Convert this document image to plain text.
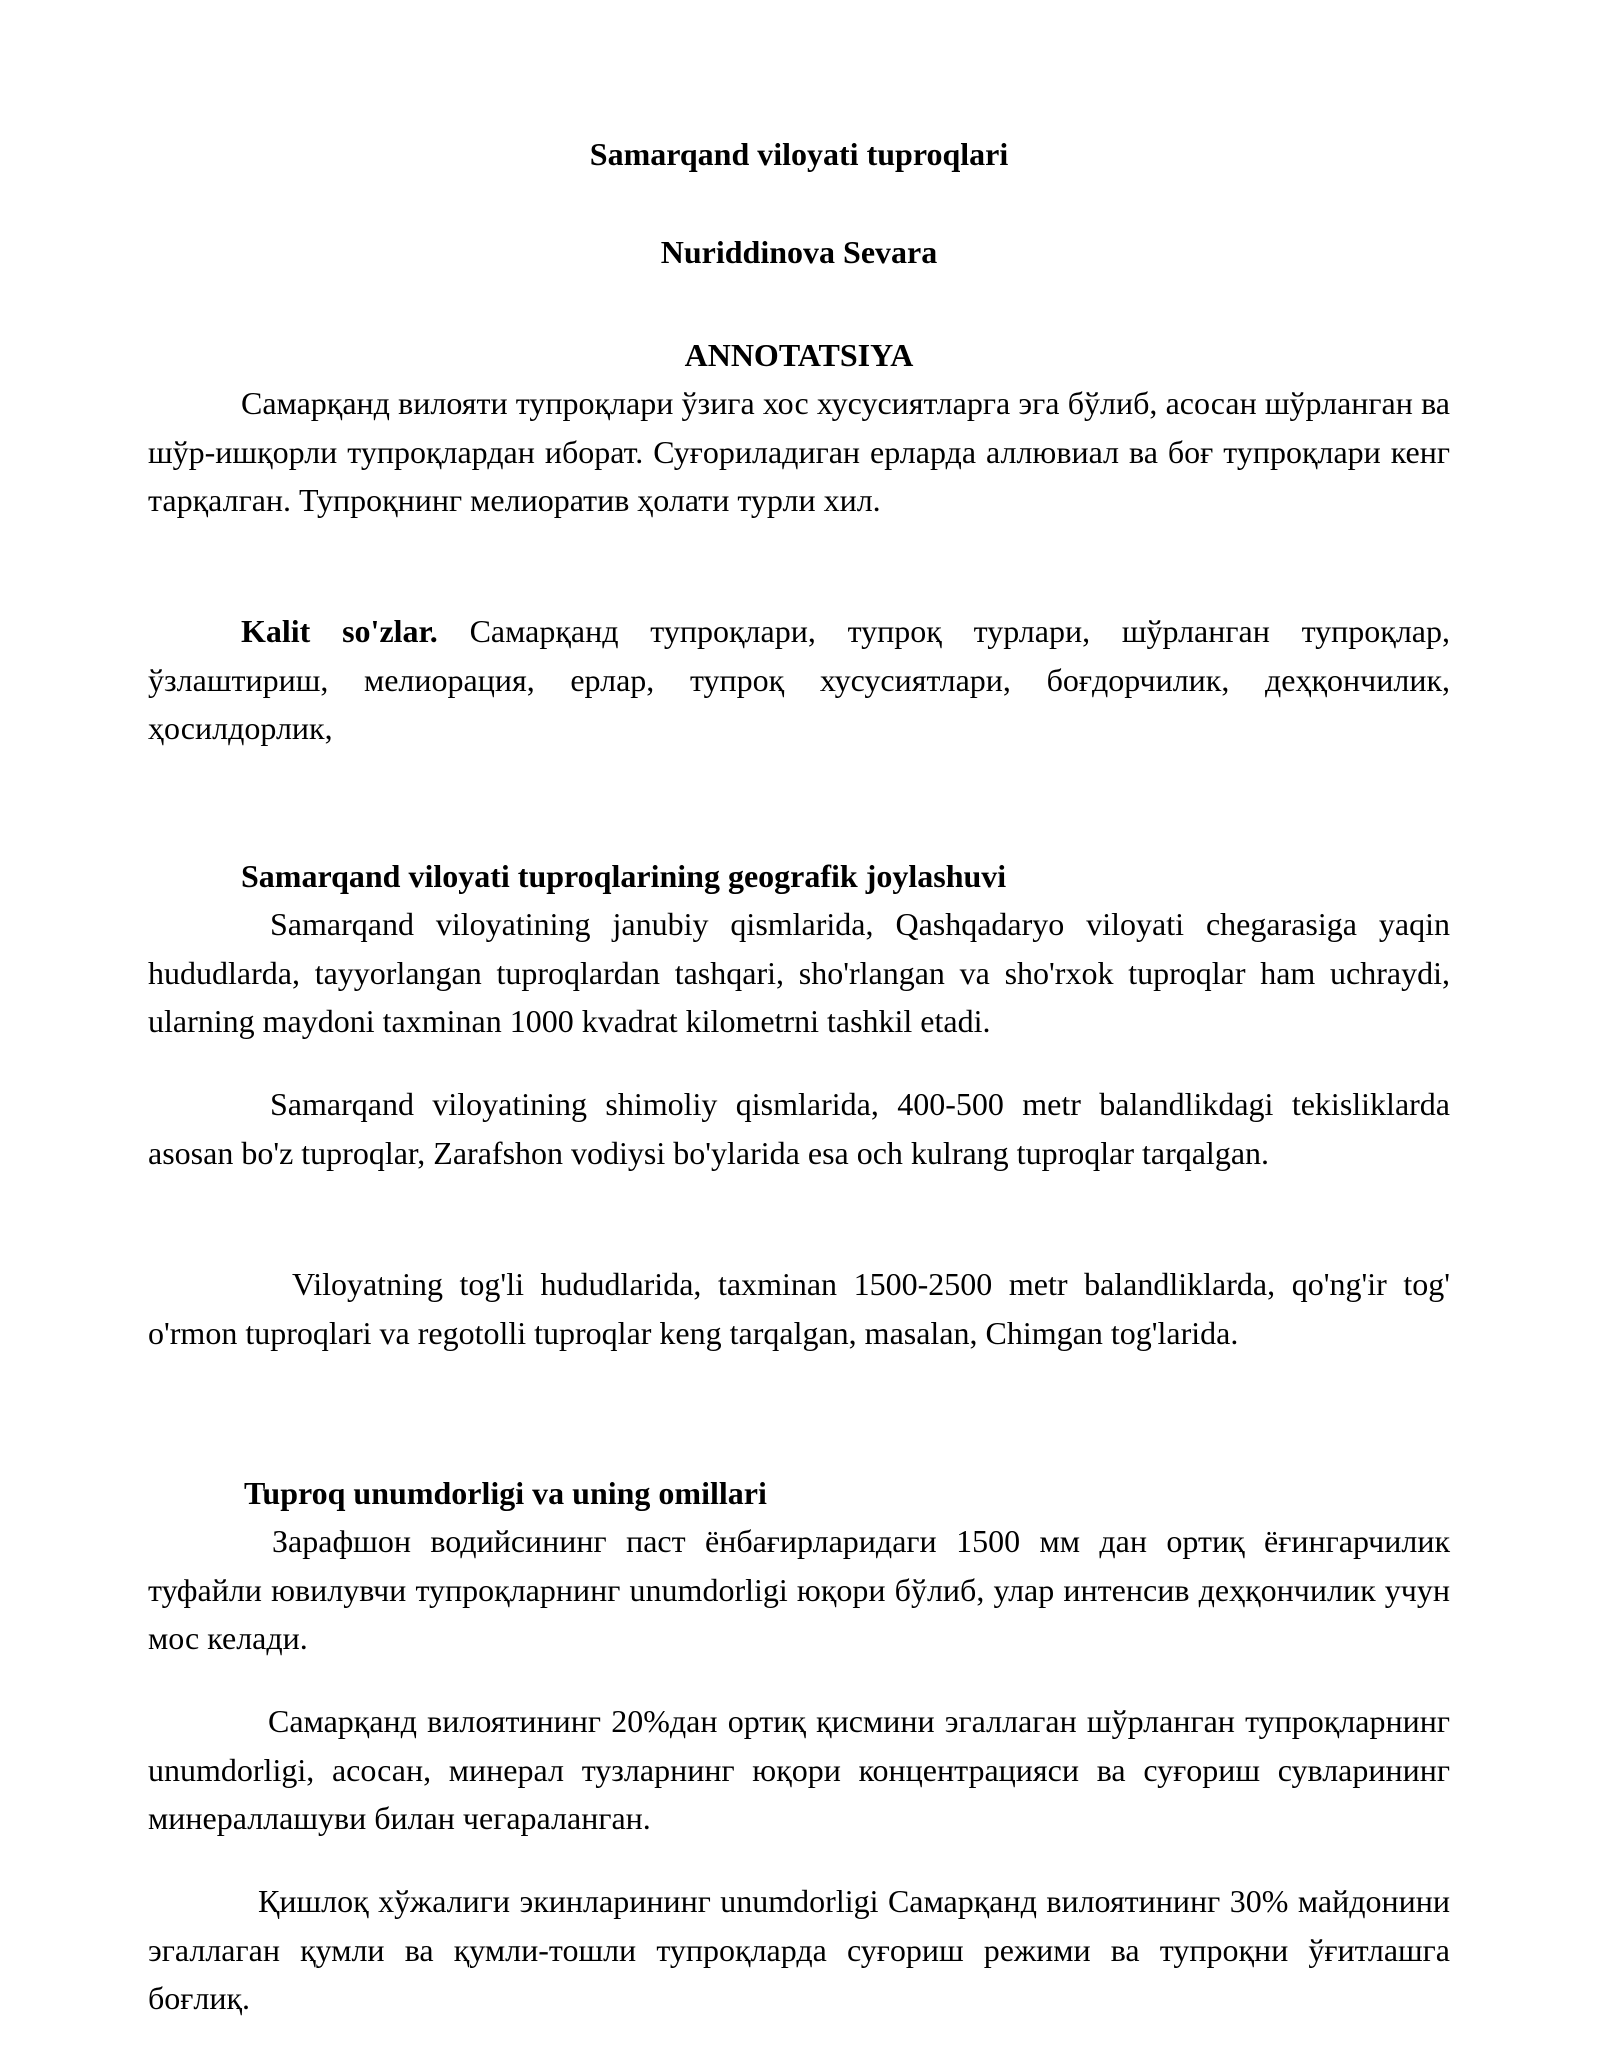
Samarqand viloyati tuproqlari
Nuriddinova Sevara
ANNOTATSIYA
Самарқанд вилояти тупроқлари ўзига хос хусусиятларга эга бўлиб, асосан шўрланган ва шўр-ишқорли тупроқлардан иборат. Суғориладиган ерларда аллювиал ва боғ тупроқлари кенг тарқалган. Тупроқнинг мелиоратив ҳолати турли хил.
Kalit so'zlar. Самарқанд тупроқлари, тупроқ турлари, шўрланган тупроқлар, ўзлаштириш, мелиорация, ерлар, тупроқ хусусиятлари, боғдорчилик, деҳқончилик, ҳосилдорлик,
Samarqand viloyati tuproqlarining geografik joylashuvi
Samarqand viloyatining janubiy qismlarida, Qashqadaryo viloyati chegarasiga yaqin hududlarda, tayyorlangan tuproqlardan tashqari, sho'rlangan va sho'rxok tuproqlar ham uchraydi, ularning maydoni taxminan 1000 kvadrat kilometrni tashkil etadi.
Samarqand viloyatining shimoliy qismlarida, 400-500 metr balandlikdagi tekisliklarda asosan bo'z tuproqlar, Zarafshon vodiysi bo'ylarida esa och kulrang tuproqlar tarqalgan.
Viloyatning tog'li hududlarida, taxminan 1500-2500 metr balandliklarda, qo'ng'ir tog' o'rmon tuproqlari va regotolli tuproqlar keng tarqalgan, masalan, Chimgan tog'larida.
Tuproq unumdorligi va uning omillari
Зарафшон водийсининг паст ёнбағирларидаги 1500 мм дан ортиқ ёғингарчилик туфайли ювилувчи тупроқларнинг unumdorligi юқори бўлиб, улар интенсив деҳқончилик учун мос келади.
Самарқанд вилоятининг 20%дан ортиқ қисмини эгаллаган шўрланган тупроқларнинг unumdorligi, асосан, минерал тузларнинг юқори концентрацияси ва суғориш сувларининг минераллашуви билан чегараланган.
Қишлоқ хўжалиги экинларининг unumdorligi Самарқанд вилоятининг 30% майдонини эгаллаган қумли ва қумли-тошли тупроқларда суғориш режими ва тупроқни ўғитлашга боғлиқ.
